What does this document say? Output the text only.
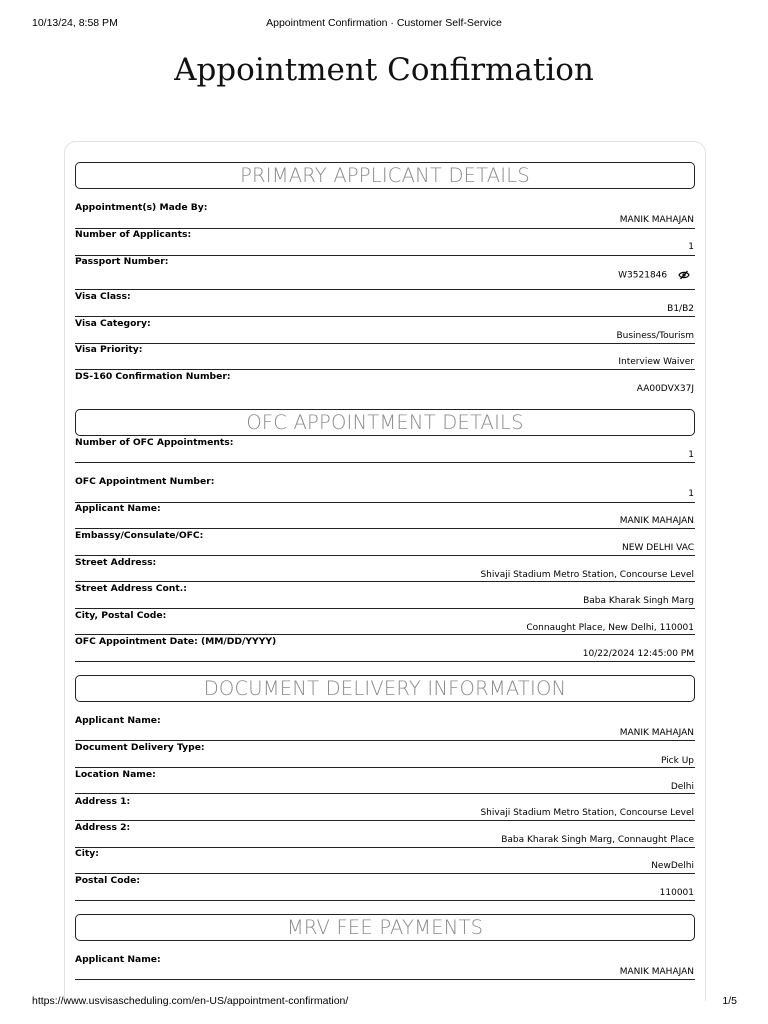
10/13/24, 8:58 PM	Appointment Confirmation · Customer Self-Service
Appointment Confirmation
PRIMARY APPLICANT DETAILS
Appointment(s) Made By:
MANIK MAHAJAN
Number of Applicants:
1
Passport Number:
W3521846
Visa Class:
B1/B2
Visa Category:
Business/Tourism
Visa Priority:
Interview Waiver
DS-160 Confirmation Number:
AA00DVX37J
OFC APPOINTMENT DETAILS
Number of OFC Appointments:
1
OFC Appointment Number:
1
Applicant Name:
MANIK MAHAJAN
Embassy/Consulate/OFC:
NEW DELHI VAC
Street Address:
Shivaji Stadium Metro Station, Concourse Level
Street Address Cont.:
Baba Kharak Singh Marg
City, Postal Code:
Connaught Place, New Delhi, 110001
OFC Appointment Date: (MM/DD/YYYY)
10/22/2024 12:45:00 PM
DOCUMENT DELIVERY INFORMATION
Applicant Name:
MANIK MAHAJAN
Document Delivery Type:
Pick Up
Location Name:
Delhi
Address 1:
Shivaji Stadium Metro Station, Concourse Level
Address 2:
Baba Kharak Singh Marg, Connaught Place
City:
NewDelhi
Postal Code:
110001
MRV FEE PAYMENTS
Applicant Name:
MANIK MAHAJAN
https://www.usvisascheduling.com/en-US/appointment-confirmation/	1/5
